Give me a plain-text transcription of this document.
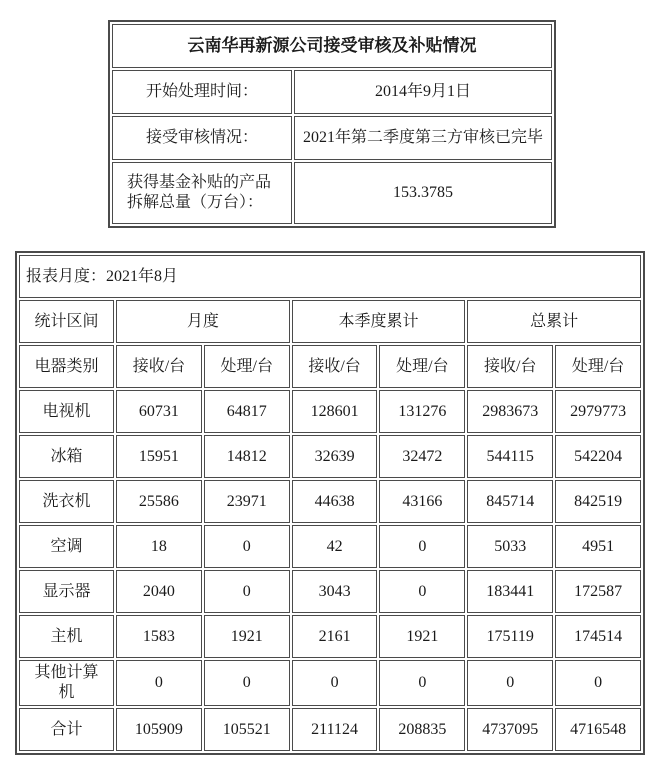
云南华再新源公司接受审核及补贴情况	
开始处理时间：	2014年9月1日
接受审核情况：	2021年第二季度第三方审核已完毕
获得基金补贴的产品拆解总量（万台）：	153.3785
报表月度：2021年8月						
统计区间	月度		本季度累计		总累计	
电器类别	接收/台	处理/台	接收/台	处理/台	接收/台	处理/台
电视机	60731	64817	128601	131276	2983673	2979773
冰箱	15951	14812	32639	32472	544115	542204
洗衣机	25586	23971	44638	43166	845714	842519
空调	18	0	42	0	5033	4951
显示器	2040	0	3043	0	183441	172587
主机	1583	1921	2161	1921	175119	174514
其他计算机	0	0	0	0	0	0
合计	105909	105521	211124	208835	4737095	4716548
